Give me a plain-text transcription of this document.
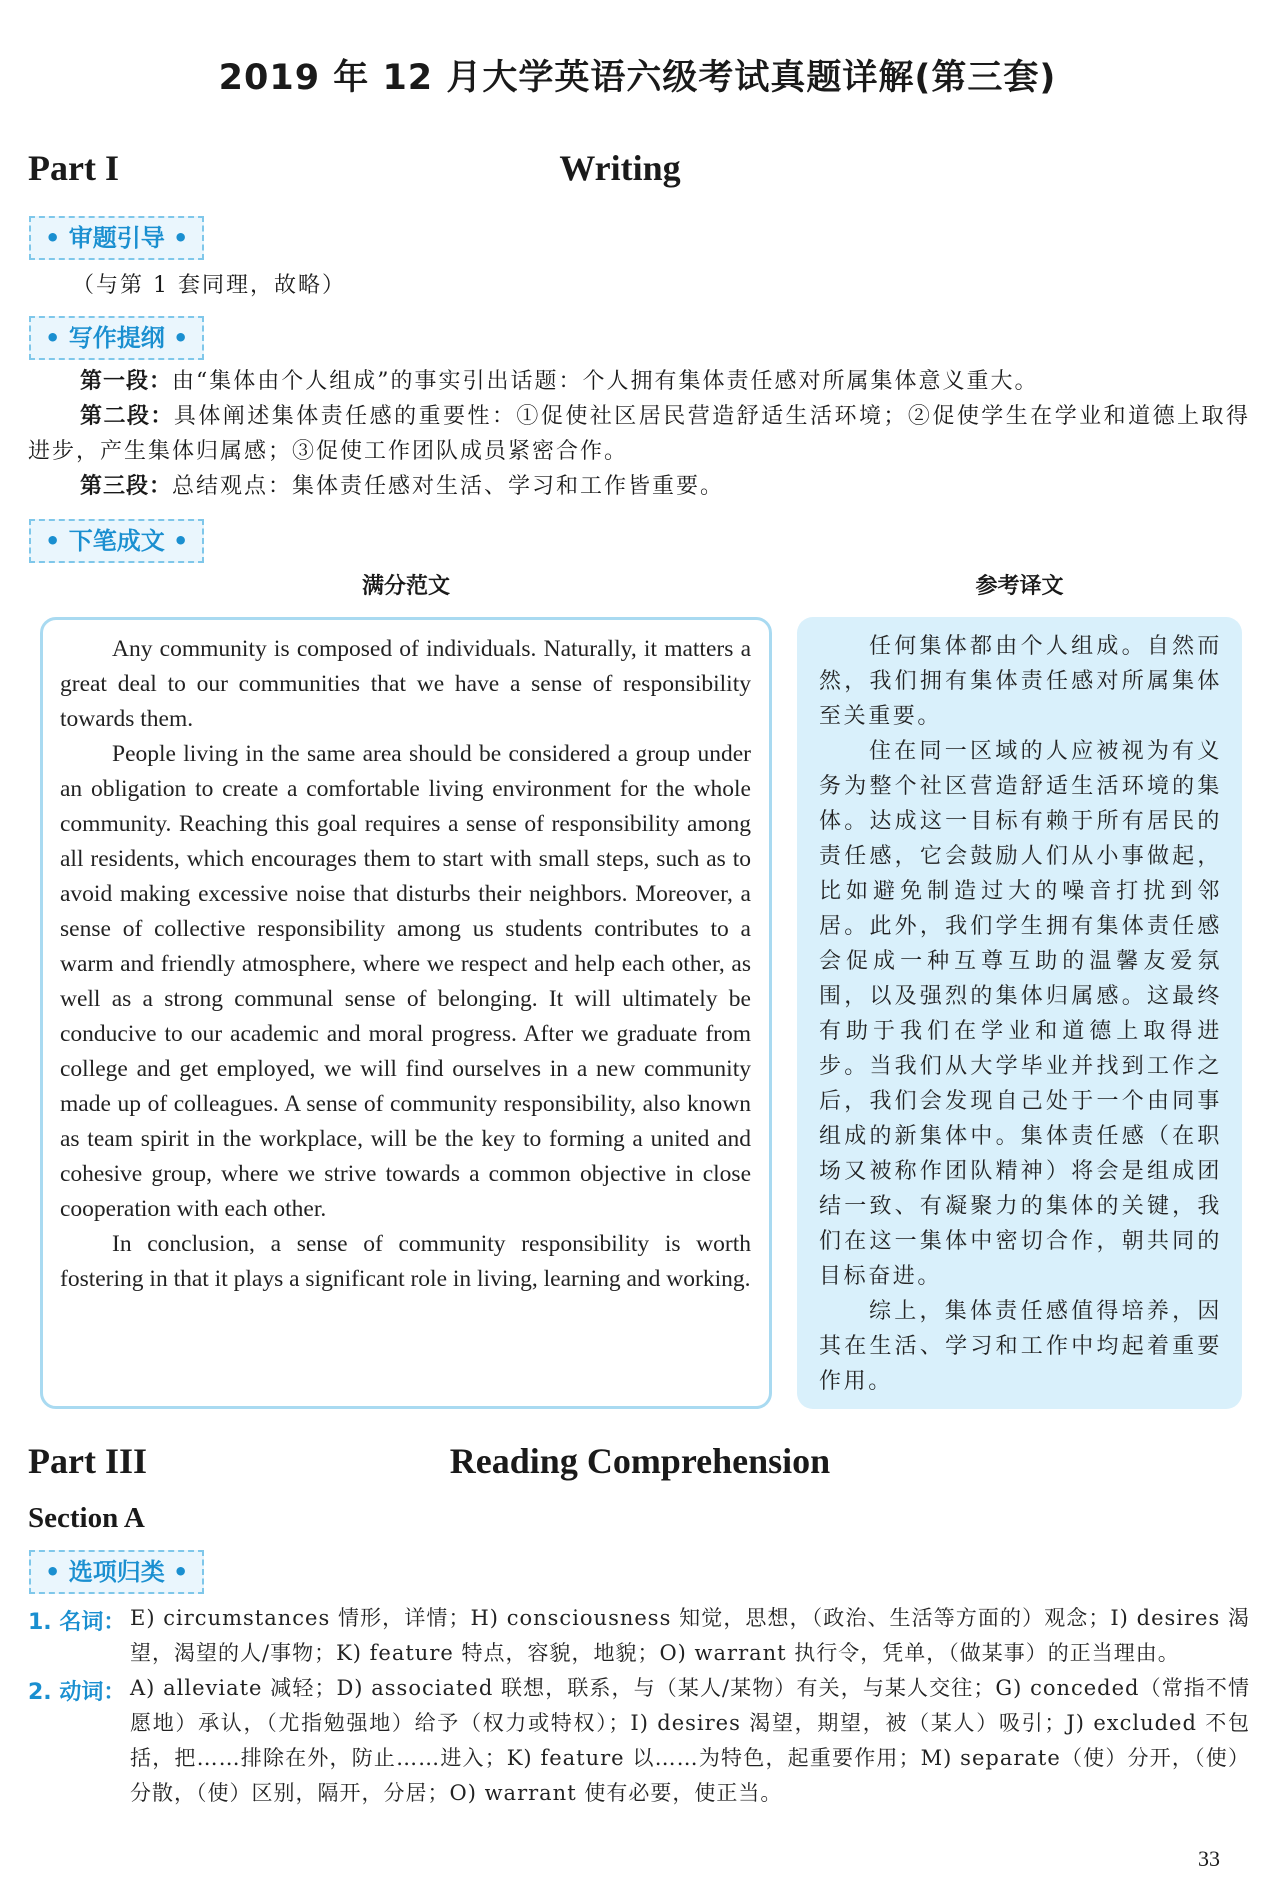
2019 年 12 月大学英语六级考试真题详解(第三套)
Part I	Writing
• 审题引导 •
（与第 1 套同理，故略）
• 写作提纲 •
第一段：由“集体由个人组成”的事实引出话题：个人拥有集体责任感对所属集体意义重大。
第二段：具体阐述集体责任感的重要性：①促使社区居民营造舒适生活环境；②促使学生在学业和道德上取得进步，产生集体归属感；③促使工作团队成员紧密合作。
第三段：总结观点：集体责任感对生活、学习和工作皆重要。
• 下笔成文 •
满分范文	参考译文

Any community is composed of individuals. Naturally, it matters a great deal to our communities that we have a sense of responsibility towards them.

People living in the same area should be considered a group under an obligation to create a comfortable living environment for the whole community. Reaching this goal requires a sense of responsibility among all residents, which encourages them to start with small steps, such as to avoid making excessive noise that disturbs their neighbors. Moreover, a sense of collective responsibility among us students contributes to a warm and friendly atmosphere, where we respect and help each other, as well as a strong communal sense of belonging. It will ultimately be conducive to our academic and moral progress. After we graduate from college and get employed, we will find ourselves in a new community made up of colleagues. A sense of community responsibility, also known as team spirit in the workplace, will be the key to forming a united and cohesive group, where we strive towards a common objective in close cooperation with each other.

In conclusion, a sense of community responsibility is worth fostering in that it plays a significant role in living, learning and working.

任何集体都由个人组成。自然而然，我们拥有集体责任感对所属集体至关重要。

住在同一区域的人应被视为有义务为整个社区营造舒适生活环境的集体。达成这一目标有赖于所有居民的责任感，它会鼓励人们从小事做起，比如避免制造过大的噪音打扰到邻居。此外，我们学生拥有集体责任感会促成一种互尊互助的温馨友爱氛围，以及强烈的集体归属感。这最终有助于我们在学业和道德上取得进步。当我们从大学毕业并找到工作之后，我们会发现自己处于一个由同事组成的新集体中。集体责任感（在职场又被称作团队精神）将会是组成团结一致、有凝聚力的集体的关键，我们在这一集体中密切合作，朝共同的目标奋进。

综上，集体责任感值得培养，因其在生活、学习和工作中均起着重要作用。

Part III	Reading Comprehension
Section A
• 选项归类 •
1. 名词： E) circumstances 情形，详情；H) consciousness 知觉，思想，（政治、生活等方面的）观念；I) desires 渴望，渴望的人/事物；K) feature 特点，容貌，地貌；O) warrant 执行令，凭单，（做某事）的正当理由。
2. 动词： A) alleviate 减轻；D) associated 联想，联系，与（某人/某物）有关，与某人交往；G) conceded（常指不情愿地）承认，（尤指勉强地）给予（权力或特权）；I) desires 渴望，期望，被（某人）吸引；J) excluded 不包括，把……排除在外，防止……进入；K) feature 以……为特色，起重要作用；M) separate（使）分开，（使）分散，（使）区别，隔开，分居；O) warrant 使有必要，使正当。
33
